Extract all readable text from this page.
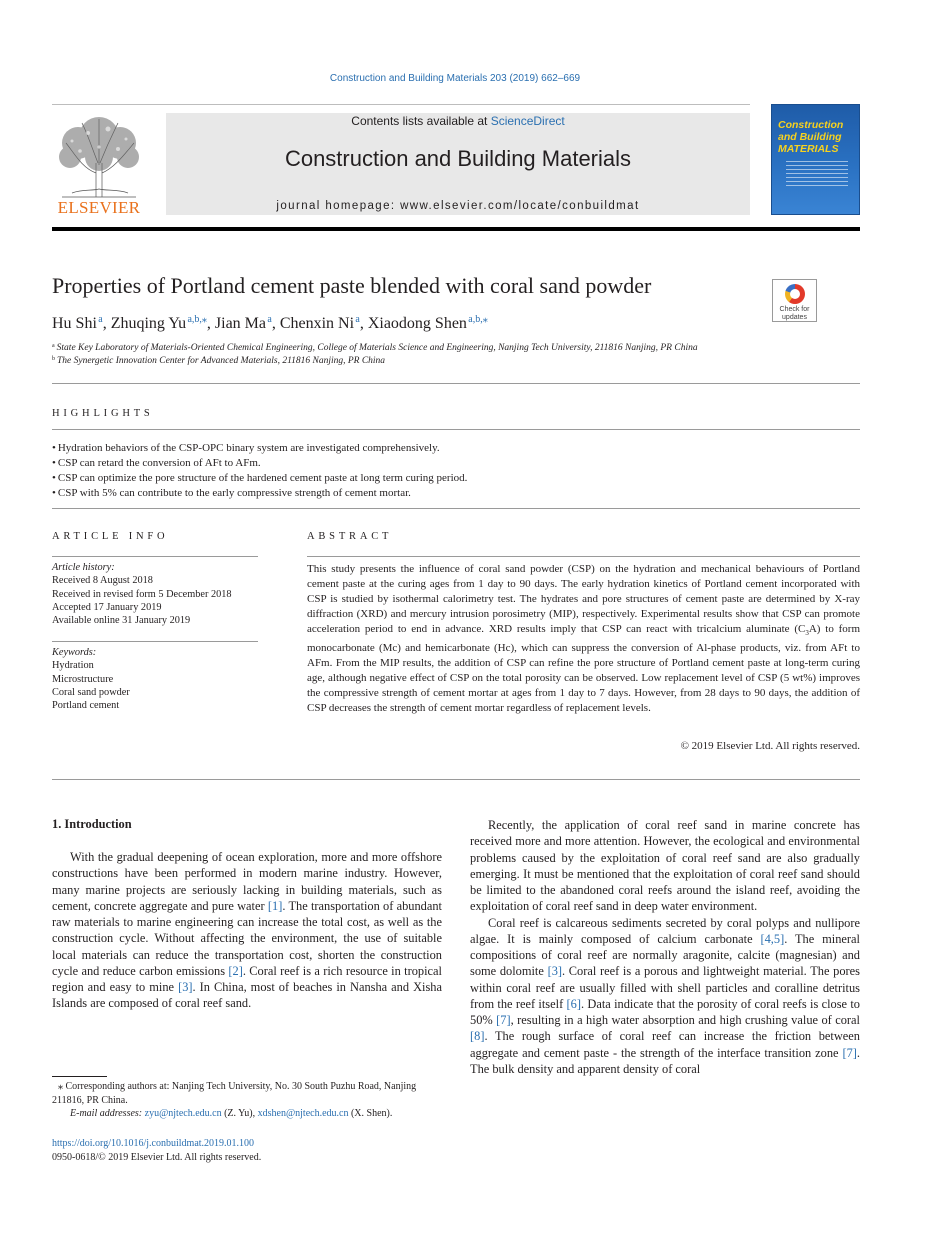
Construction and Building Materials 203 (2019) 662–669
ELSEVIER
Contents lists available at ScienceDirect
Construction and Building Materials
journal homepage: www.elsevier.com/locate/conbuildmat
Construction and Building MATERIALS
Properties of Portland cement paste blended with coral sand powder
Check for updates
Hu Shi $^a$, Zhuqing Yu $^{a,b,⁎}$, Jian Ma $^a$, Chenxin Ni $^a$, Xiaodong Shen $^{a,b,⁎}$
$^a$ State Key Laboratory of Materials-Oriented Chemical Engineering, College of Materials Science and Engineering, Nanjing Tech University, 211816 Nanjing, PR China
$^b$ The Synergetic Innovation Center for Advanced Materials, 211816 Nanjing, PR China
HIGHLIGHTS
• Hydration behaviors of the CSP-OPC binary system are investigated comprehensively.
• CSP can retard the conversion of AFt to AFm.
• CSP can optimize the pore structure of the hardened cement paste at long term curing period.
• CSP with 5% can contribute to the early compressive strength of cement mortar.
ARTICLE INFO
Article history:
Received 8 August 2018
Received in revised form 5 December 2018
Accepted 17 January 2019
Available online 31 January 2019
Keywords:
Hydration
Microstructure
Coral sand powder
Portland cement
ABSTRACT
This study presents the influence of coral sand powder (CSP) on the hydration and mechanical behaviours of Portland cement paste at the curing ages from 1 day to 90 days. The early hydration kinetics of Portland cement incorporated with CSP is studied by isothermal calorimetry test. The hydrates and pore structures of cement paste are determined by X-ray diffraction (XRD) and mercury intrusion porosimetry (MIP), respectively. Experimental results show that CSP can promote acceleration period to end in advance. XRD results imply that CSP can react with tricalcium aluminate $(C_3A)$ to form monocarbonate (Mc) and hemicarbonate (Hc), which can suppress the conversion of Al-phase products, viz. from AFt to AFm. From the MIP results, the addition of CSP can refine the pore structure of Portland cement paste at long-term curing age, although negative effect of CSP on the total porosity can be observed. Low replacement level of CSP (5 wt%) improves the compressive strength of cement mortar at ages from 1 day to 7 days. However, from 28 days to 90 days, the addition of CSP decreases the strength of cement mortar regardless of replacement levels.
© 2019 Elsevier Ltd. All rights reserved.
1. Introduction

With the gradual deepening of ocean exploration, more and more offshore constructions have been performed in modern marine industry. However, many marine projects are seriously lacking in building materials, such as cement, concrete aggregate and pure water [1]. The transportation of abundant raw materials to marine engineering can increase the total cost, as well as the construction cycle. Without affecting the environment, the use of suitable local materials can reduce the transportation cost, shorten the construction cycle and reduce carbon emissions [2]. Coral reef is a rich resource in tropical region and easy to mine [3]. In China, most of beaches in Nansha and Xisha Islands are composed of coral reef sand.

Recently, the application of coral reef sand in marine concrete has received more and more attention. However, the ecological and environmental problems caused by the exploitation of coral reef sand are also gradually emerging. It must be mentioned that the exploitation of coral reef sand should be limited to the abandoned coral reefs around the island reef, avoiding the exploitation of coral reef sand in deep water environment.

Coral reef is calcareous sediments secreted by coral polyps and nullipore algae. It is mainly composed of calcium carbonate [4,5]. The mineral compositions of coral reef are normally aragonite, calcite (magnesian) and some dolomite [3]. Coral reef is a porous and lightweight material. The pores within coral reef are usually filled with shell particles and coralline detritus from the reef itself [6]. Data indicate that the porosity of coral reefs is close to 50% [7], resulting in a high water absorption and high crushing value of coral [8]. The rough surface of coral reef can increase the friction between aggregate and cement paste - the strength of the interface transition zone [7]. The bulk density and apparent density of coral

⁎ Corresponding authors at: Nanjing Tech University, No. 30 South Puzhu Road, Nanjing 211816, PR China.
E-mail addresses: zyu@njtech.edu.cn (Z. Yu), xdshen@njtech.edu.cn (X. Shen).
https://doi.org/10.1016/j.conbuildmat.2019.01.100
0950-0618/© 2019 Elsevier Ltd. All rights reserved.
